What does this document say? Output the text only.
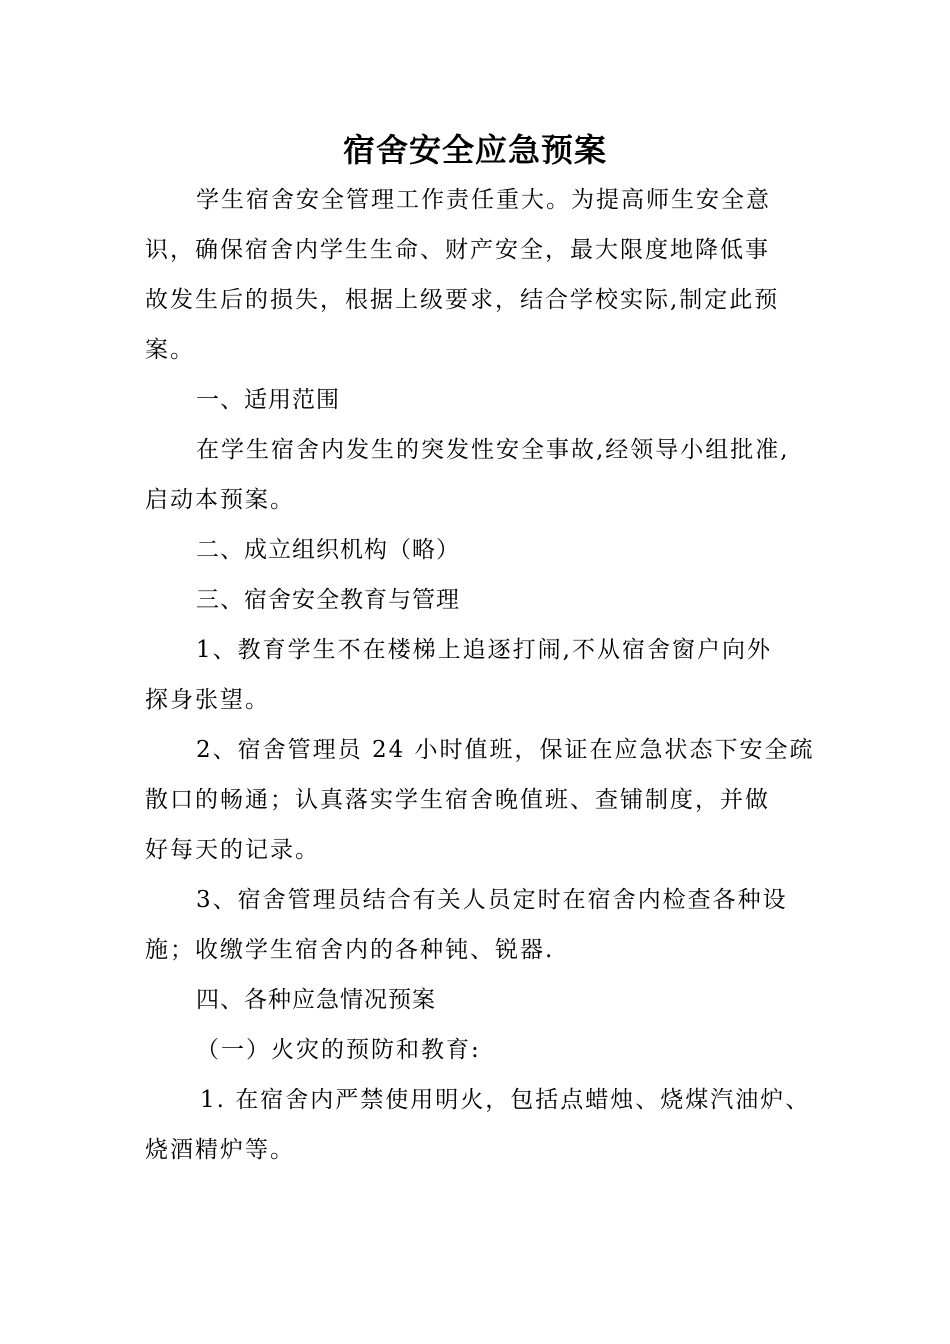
宿舍安全应急预案
学生宿舍安全管理工作责任重大。为提高师生安全意
识，确保宿舍内学生生命、财产安全，最大限度地降低事
故发生后的损失，根据上级要求，结合学校实际,制定此预
案。
一、适用范围
在学生宿舍内发生的突发性安全事故,经领导小组批准,
启动本预案。
二、成立组织机构（略）
三、宿舍安全教育与管理
1、教育学生不在楼梯上追逐打闹,不从宿舍窗户向外
探身张望。
2、宿舍管理员 24 小时值班，保证在应急状态下安全疏
散口的畅通；认真落实学生宿舍晚值班、查铺制度，并做
好每天的记录。
3、宿舍管理员结合有关人员定时在宿舍内检查各种设
施；收缴学生宿舍内的各种钝、锐器.
四、各种应急情况预案
（一）火灾的预防和教育:
1. 在宿舍内严禁使用明火，包括点蜡烛、烧煤汽油炉、
烧酒精炉等。
